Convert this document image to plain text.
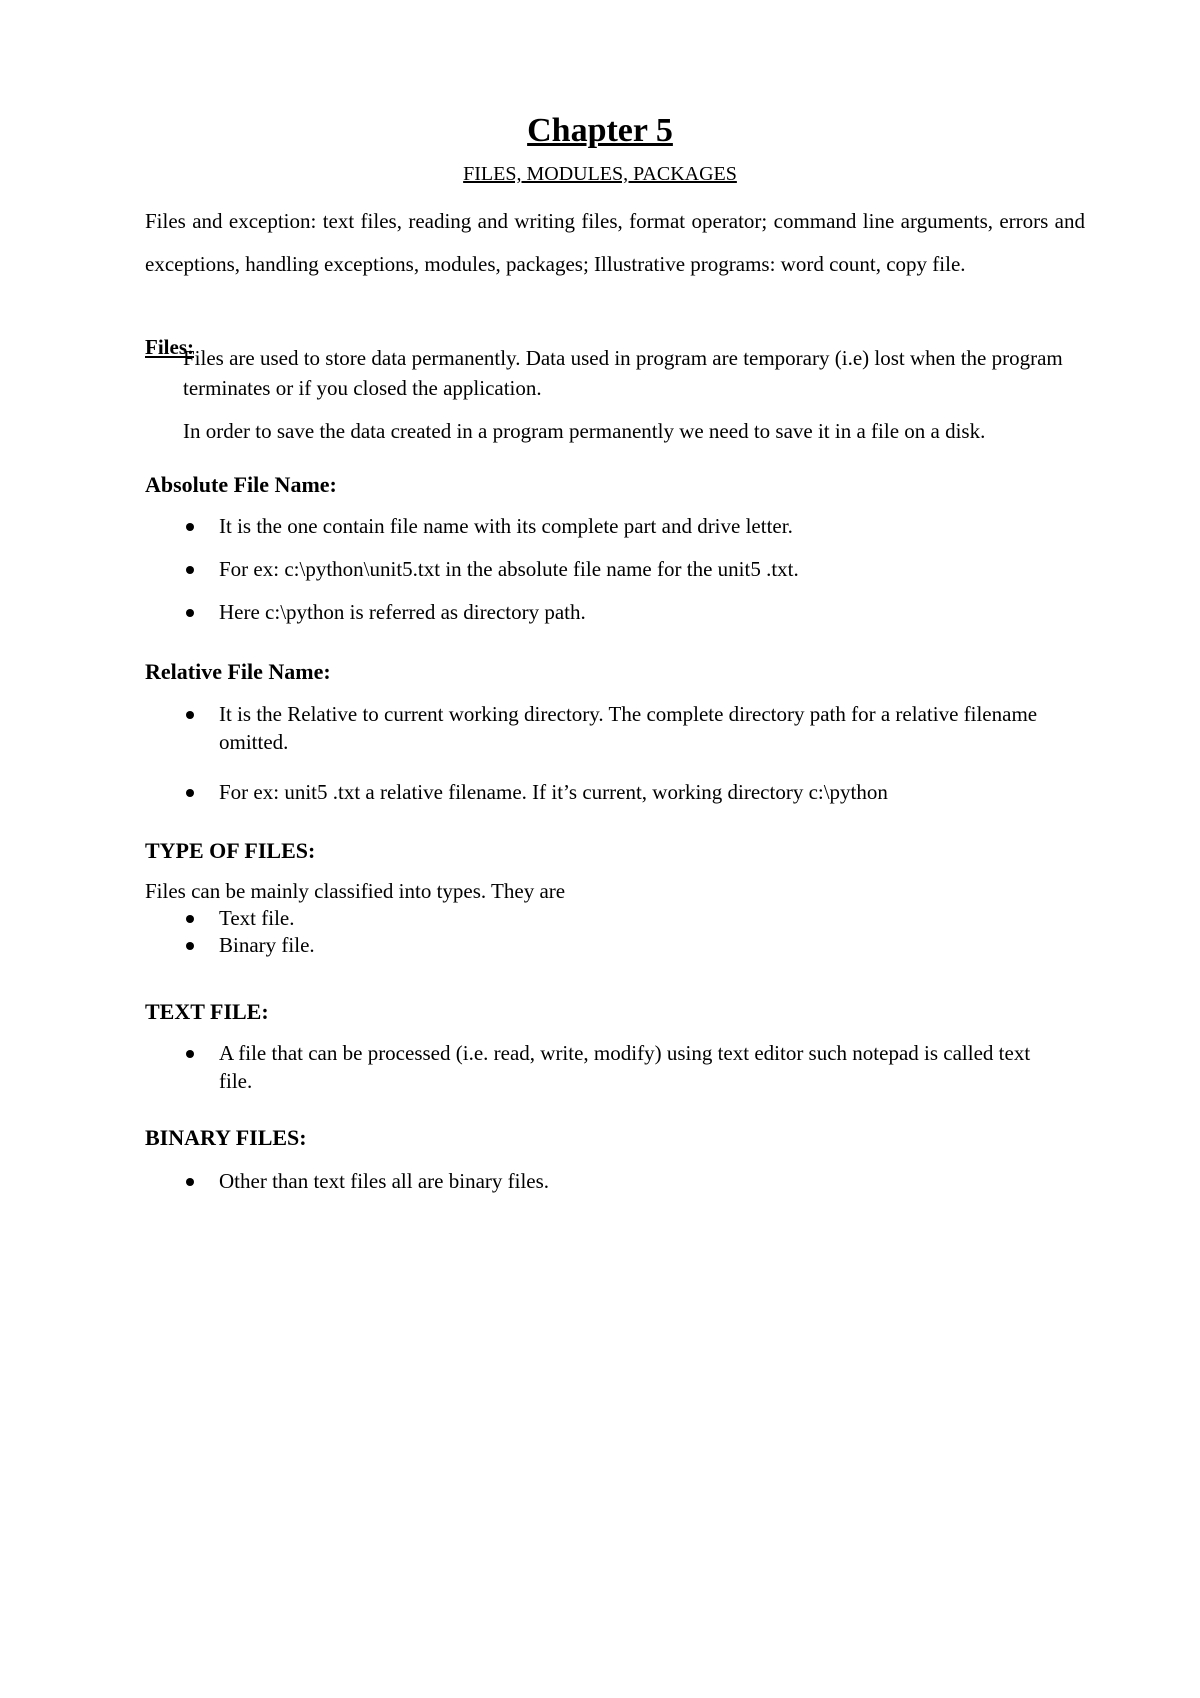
Chapter 5
FILES, MODULES, PACKAGES

Files and exception: text files, reading and writing files, format operator; command line arguments, errors and exceptions, handling exceptions, modules, packages; Illustrative programs: word count, copy file.

Files:

Files are used to store data permanently. Data used in program are temporary (i.e) lost when the program terminates or if you closed the application.

In order to save the data created in a program permanently we need to save it in a file on a disk.

Absolute File Name:
It is the one contain file name with its complete part and drive letter.
For ex: c:\python\unit5.txt in the absolute file name for the unit5 .txt.
Here c:\python is referred as directory path.
Relative File Name:
It is the Relative to current working directory. The complete directory path for a relative filename omitted.
For ex: unit5 .txt a relative filename. If it’s current, working directory c:\python
TYPE OF FILES:
Files can be mainly classified into types. They are
Text file.
Binary file.
TEXT FILE:
A file that can be processed (i.e. read, write, modify) using text editor such notepad is called text file.
BINARY FILES:
Other than text files all are binary files.
